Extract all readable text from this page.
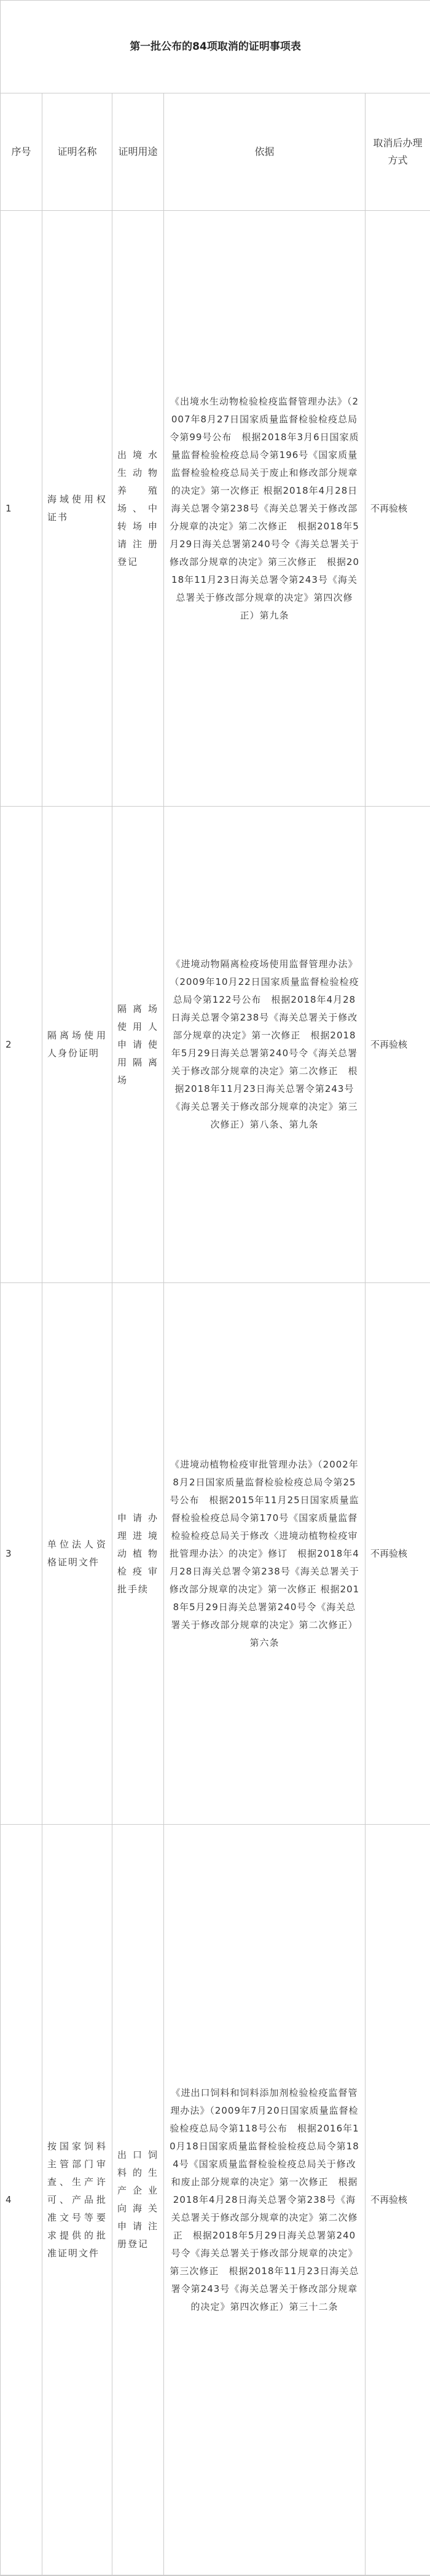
第一批公布的84项取消的证明事项表				
序号	证明名称	证明用途	依据	取消后办理方式
1	海域使用权证书	出境水生动物养殖场、中转场申请注册登记	《出境水生动物检验检疫监督管理办法》（2007年8月27日国家质量监督检验检疫总局令第99号公布　根据2018年3月6日国家质量监督检验检疫总局令第196号《国家质量监督检验检疫总局关于废止和修改部分规章的决定》第一次修正 根据2018年4月28日海关总署令第238号《海关总署关于修改部分规章的决定》第二次修正　根据2018年5月29日海关总署第240号令《海关总署关于修改部分规章的决定》第三次修正　根据2018年11月23日海关总署令第243号《海关总署关于修改部分规章的决定》第四次修正）第九条	不再验核
2	隔离场使用人身份证明	隔离场使用人申请使用隔离场	《进境动物隔离检疫场使用监督管理办法》（2009年10月22日国家质量监督检验检疫总局令第122号公布　根据2018年4月28日海关总署令第238号《海关总署关于修改部分规章的决定》第一次修正　根据2018年5月29日海关总署第240号令《海关总署关于修改部分规章的决定》第二次修正　根据2018年11月23日海关总署令第243号《海关总署关于修改部分规章的决定》第三次修正）第八条、第九条	不再验核
3	单位法人资格证明文件	申请办理进境动植物检疫审批手续	《进境动植物检疫审批管理办法》（2002年8月2日国家质量监督检验检疫总局令第25号公布　根据2015年11月25日国家质量监督检验检疫总局令第170号《国家质量监督检验检疫总局关于修改〈进境动植物检疫审批管理办法〉的决定》修订　根据2018年4月28日海关总署令第238号《海关总署关于修改部分规章的决定》第一次修正 根据2018年5月29日海关总署第240号令《海关总署关于修改部分规章的决定》第二次修正）第六条	不再验核
4	按国家饲料主管部门审查、生产许可、产品批准文号等要求提供的批准证明文件	出口饲料的生产企业向海关申请注册登记	《进出口饲料和饲料添加剂检验检疫监督管理办法》（2009年7月20日国家质量监督检验检疫总局令第118号公布　根据2016年10月18日国家质量监督检验检疫总局令第184号《国家质量监督检验检疫总局关于修改和废止部分规章的决定》第一次修正　根据2018年4月28日海关总署令第238号《海关总署关于修改部分规章的决定》第二次修正　根据2018年5月29日海关总署第240号令《海关总署关于修改部分规章的决定》第三次修正　根据2018年11月23日海关总署令第243号《海关总署关于修改部分规章的决定》第四次修正）第三十二条	不再验核
